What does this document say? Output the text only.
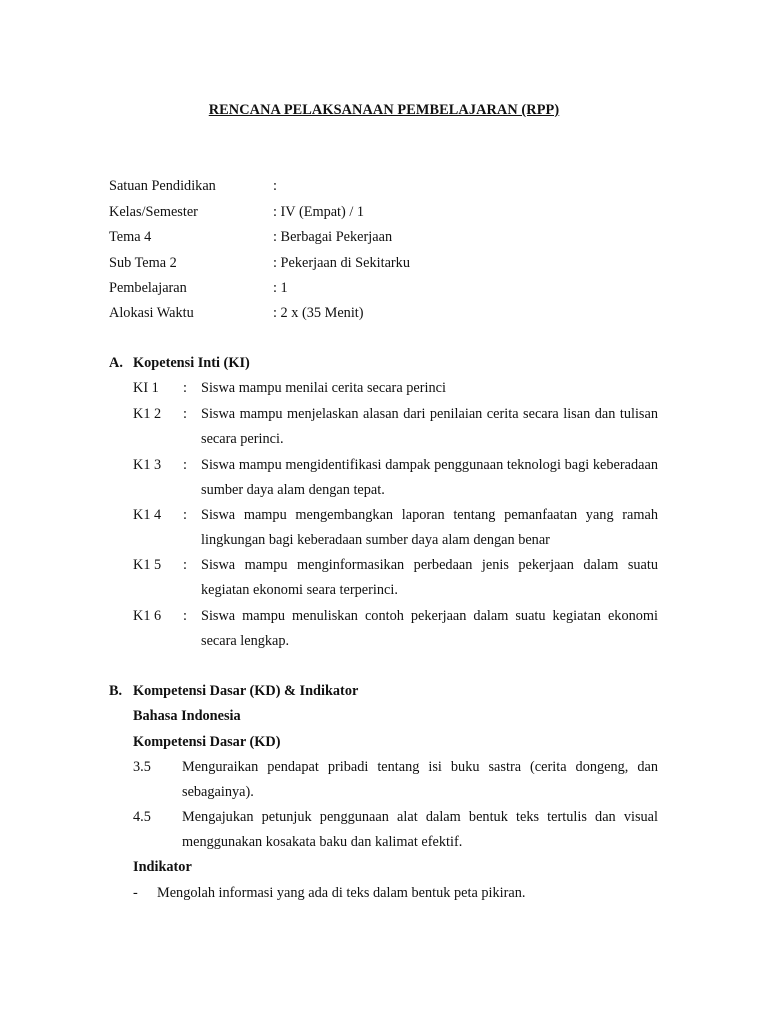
RENCANA PELAKSANAAN PEMBELAJARAN (RPP)
Satuan Pendidikan	:
Kelas/Semester	: IV (Empat) / 1
Tema 4	: Berbagai Pekerjaan
Sub Tema 2	: Pekerjaan di Sekitarku
Pembelajaran	: 1
Alokasi Waktu	: 2 x (35 Menit)
A. Kopetensi Inti (KI)
KI 1 : Siswa mampu menilai cerita secara perinci
K1 2 : Siswa mampu menjelaskan alasan dari penilaian cerita secara lisan dan tulisan secara perinci.
K1 3 : Siswa mampu mengidentifikasi dampak penggunaan teknologi bagi keberadaan sumber daya alam dengan tepat.
K1 4 : Siswa mampu mengembangkan laporan tentang pemanfaatan yang ramah lingkungan bagi keberadaan sumber daya alam dengan benar
K1 5 : Siswa mampu menginformasikan perbedaan jenis pekerjaan dalam suatu kegiatan ekonomi seara terperinci.
K1 6 : Siswa mampu menuliskan contoh pekerjaan dalam suatu kegiatan ekonomi secara lengkap.
B. Kompetensi Dasar (KD) & Indikator
Bahasa Indonesia
Kompetensi Dasar (KD)
3.5 Menguraikan pendapat pribadi tentang isi buku sastra (cerita dongeng, dan sebagainya).
4.5 Mengajukan petunjuk penggunaan alat dalam bentuk teks tertulis dan visual menggunakan kosakata baku dan kalimat efektif.
Indikator
- Mengolah informasi yang ada di teks dalam bentuk peta pikiran.
